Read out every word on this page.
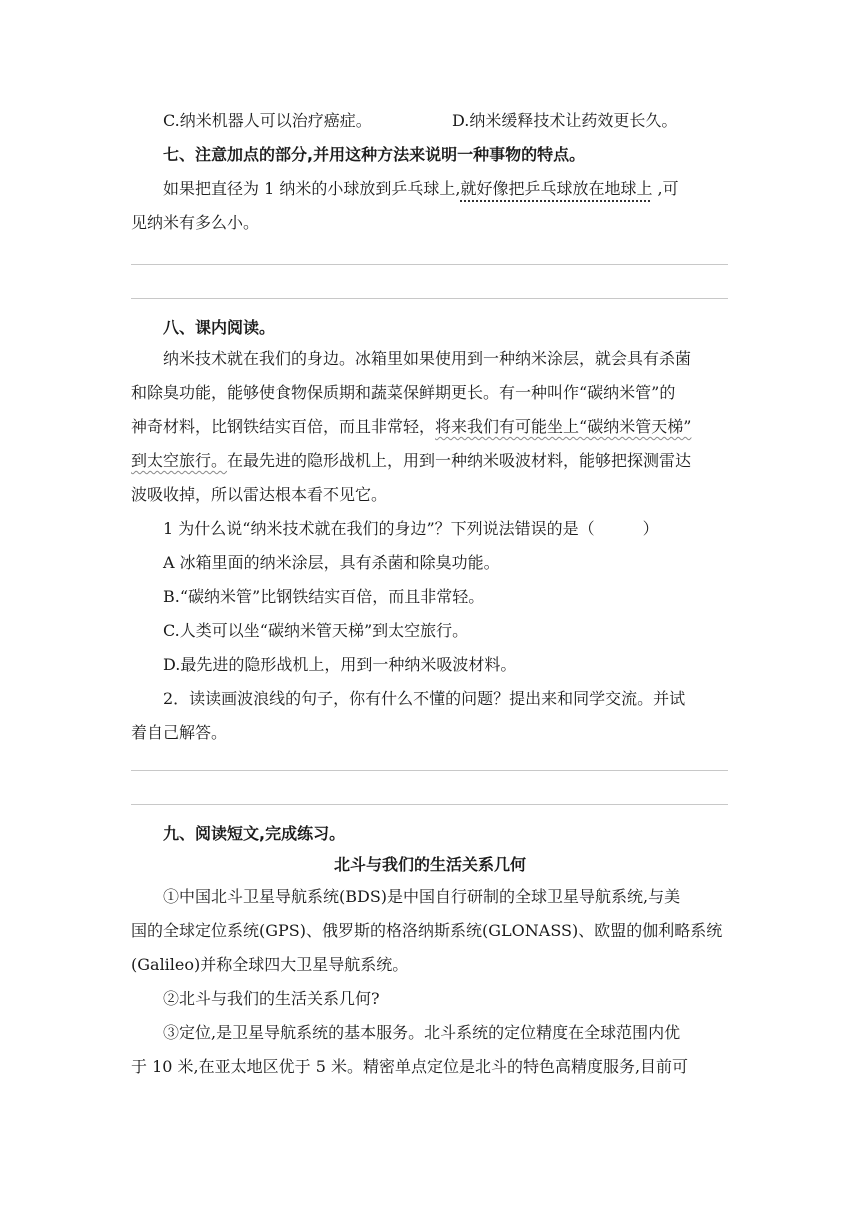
C.纳米机器人可以治疗癌症。	D.纳米缓释技术让药效更长久。
七、注意加点的部分,并用这种方法来说明一种事物的特点。
如果把直径为 1 纳米的小球放到乒乓球上,就好像把乒乓球放在地球上 ,可
见纳米有多么小。
八、课内阅读。
纳米技术就在我们的身边。冰箱里如果使用到一种纳米涂层，就会具有杀菌
和除臭功能，能够使食物保质期和蔬菜保鲜期更长。有一种叫作“碳纳米管”的
神奇材料，比钢铁结实百倍，而且非常轻，将来我们有可能坐上“碳纳米管天梯”
到太空旅行。在最先进的隐形战机上，用到一种纳米吸波材料，能够把探测雷达
波吸收掉，所以雷达根本看不见它。
1 为什么说“纳米技术就在我们的身边”？下列说法错误的是（　　　）
A 冰箱里面的纳米涂层，具有杀菌和除臭功能。
B.“碳纳米管”比钢铁结实百倍，而且非常轻。
C.人类可以坐“碳纳米管天梯”到太空旅行。
D.最先进的隐形战机上，用到一种纳米吸波材料。
2．读读画波浪线的句子，你有什么不懂的问题？提出来和同学交流。并试
着自己解答。
九、阅读短文,完成练习。
北斗与我们的生活关系几何
①中国北斗卫星导航系统(BDS)是中国自行研制的全球卫星导航系统,与美
国的全球定位系统(GPS)、俄罗斯的格洛纳斯系统(GLONASS)、欧盟的伽利略系统
(Galileo)并称全球四大卫星导航系统。
②北斗与我们的生活关系几何?
③定位,是卫星导航系统的基本服务。北斗系统的定位精度在全球范围内优
于 10 米,在亚太地区优于 5 米。精密单点定位是北斗的特色高精度服务,目前可
